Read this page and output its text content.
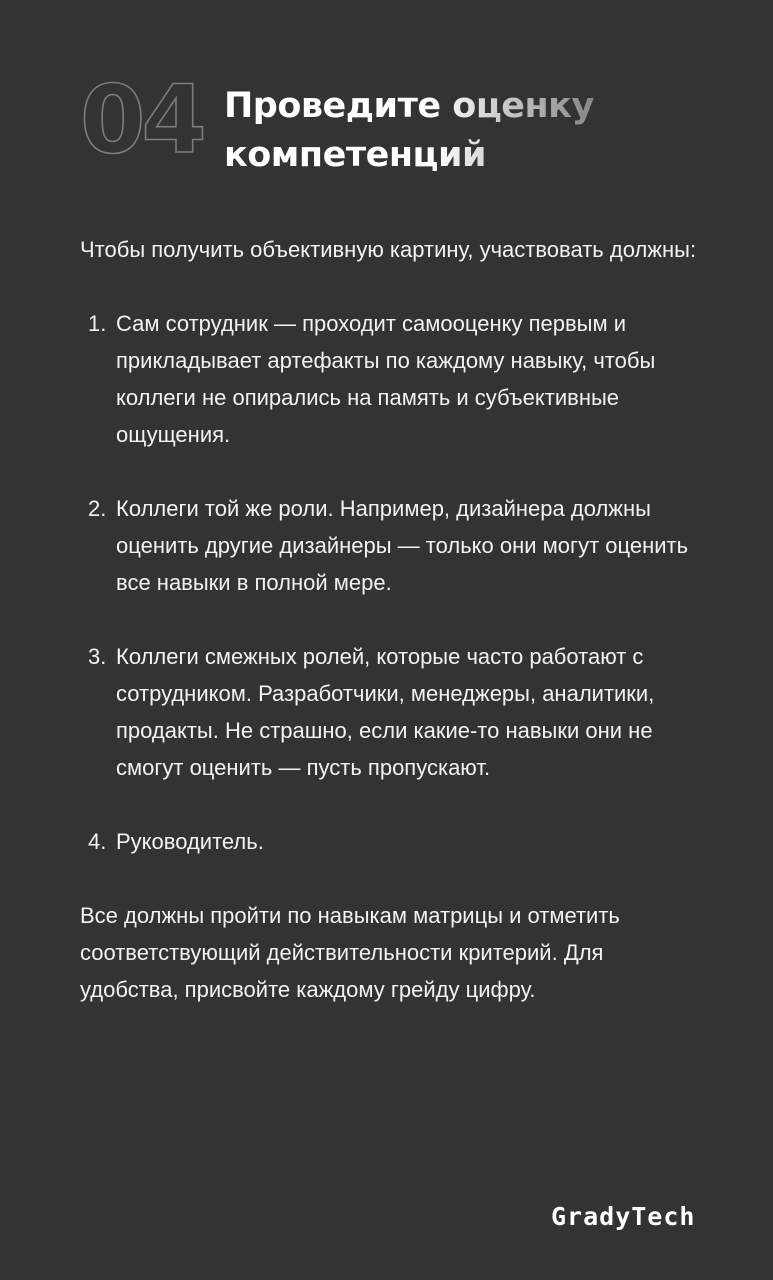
04 Проведите оценку
компетенций

Чтобы получить объективную картину, участвовать должны:

1. Сам сотрудник — проходит самооценку первым и прикладывает артефакты по каждому навыку, чтобы коллеги не опирались на память и субъективные ощущения.
2. Коллеги той же роли. Например, дизайнера должны оценить другие дизайнеры — только они могут оценить все навыки в полной мере.
3. Коллеги смежных ролей, которые часто работают с сотрудником. Разработчики, менеджеры, аналитики, продакты. Не страшно, если какие-то навыки они не смогут оценить — пусть пропускают.
4. Руководитель.

Все должны пройти по навыкам матрицы и отметить соответствующий действительности критерий. Для удобства, присвойте каждому грейду цифру.

GradyTech
